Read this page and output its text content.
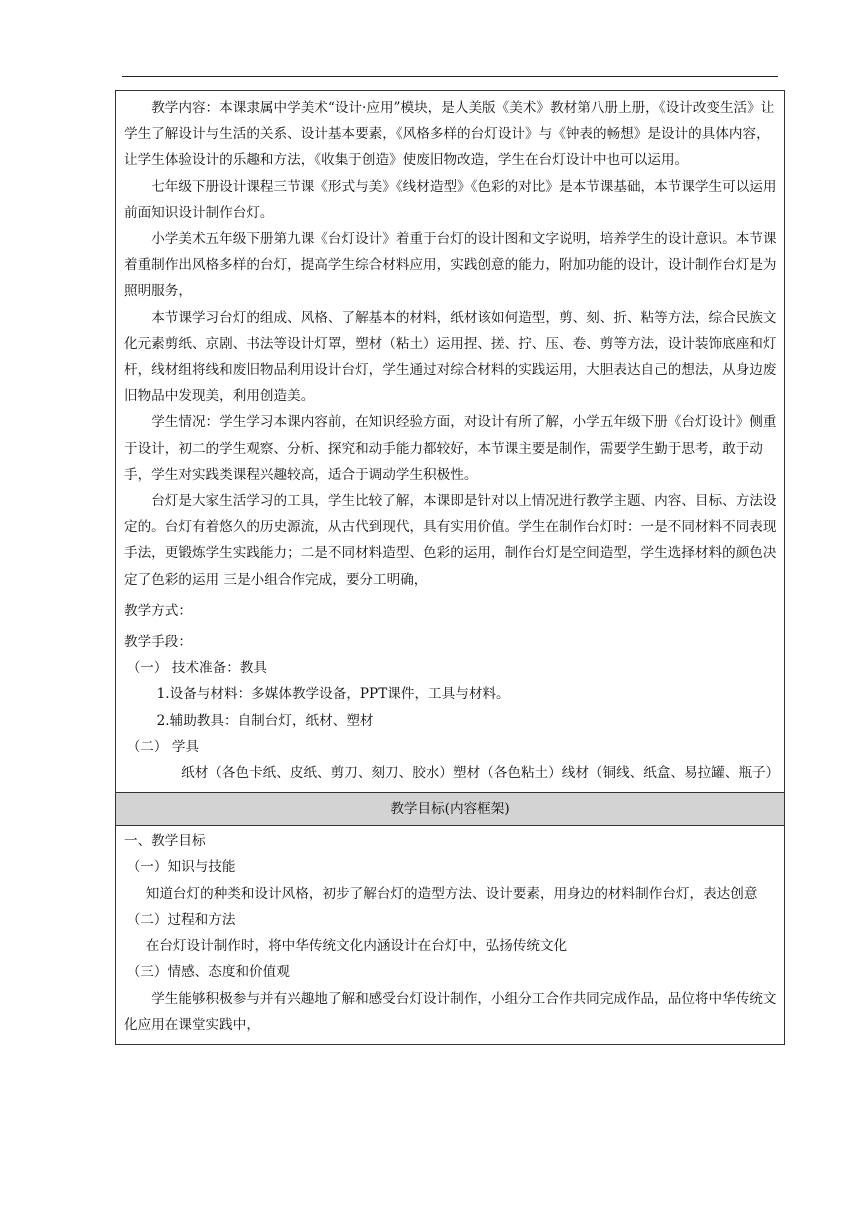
教学内容：本课隶属中学美术“设计·应用”模块，是人美版《美术》教材第八册上册，《设计改变生活》让学生了解设计与生活的关系、设计基本要素，《风格多样的台灯设计》与《钟表的畅想》是设计的具体内容，让学生体验设计的乐趣和方法，《收集于创造》使废旧物改造，学生在台灯设计中也可以运用。

七年级下册设计课程三节课《形式与美》《线材造型》《色彩的对比》是本节课基础，本节课学生可以运用前面知识设计制作台灯。

小学美术五年级下册第九课《台灯设计》着重于台灯的设计图和文字说明，培养学生的设计意识。本节课着重制作出风格多样的台灯，提高学生综合材料应用，实践创意的能力，附加功能的设计，设计制作台灯是为照明服务，

本节课学习台灯的组成、风格、了解基本的材料，纸材该如何造型，剪、刻、折、粘等方法，综合民族文化元素剪纸、京剧、书法等设计灯罩，塑材（粘土）运用捏、搓、拧、压、卷、剪等方法，设计装饰底座和灯杆，线材组将线和废旧物品利用设计台灯，学生通过对综合材料的实践运用，大胆表达自己的想法，从身边废旧物品中发现美，利用创造美。

学生情况：学生学习本课内容前，在知识经验方面，对设计有所了解，小学五年级下册《台灯设计》侧重于设计，初二的学生观察、分析、探究和动手能力都较好，本节课主要是制作，需要学生勤于思考，敢于动手，学生对实践类课程兴趣较高，适合于调动学生积极性。

台灯是大家生活学习的工具，学生比较了解，本课即是针对以上情况进行教学主题、内容、目标、方法设定的。台灯有着悠久的历史源流，从古代到现代，具有实用价值。学生在制作台灯时：一是不同材料不同表现手法，更锻炼学生实践能力；二是不同材料造型、色彩的运用，制作台灯是空间造型，学生选择材料的颜色决定了色彩的运用 三是小组合作完成，要分工明确，

教学方式：

教学手段：

（一） 技术准备：教具

1.设备与材料：多媒体教学设备，PPT课件，工具与材料。

2.辅助教具：自制台灯，纸材、塑材

（二） 学具

纸材（各色卡纸、皮纸、剪刀、刻刀、胶水）塑材（各色粘土）线材（铜线、纸盒、易拉罐、瓶子）

教学目标(内容框架)

一、教学目标

（一）知识与技能

知道台灯的种类和设计风格，初步了解台灯的造型方法、设计要素，用身边的材料制作台灯，表达创意

（二）过程和方法

在台灯设计制作时，将中华传统文化内涵设计在台灯中，弘扬传统文化

（三）情感、态度和价值观

学生能够积极参与并有兴趣地了解和感受台灯设计制作，小组分工合作共同完成作品，品位将中华传统文化应用在课堂实践中，
